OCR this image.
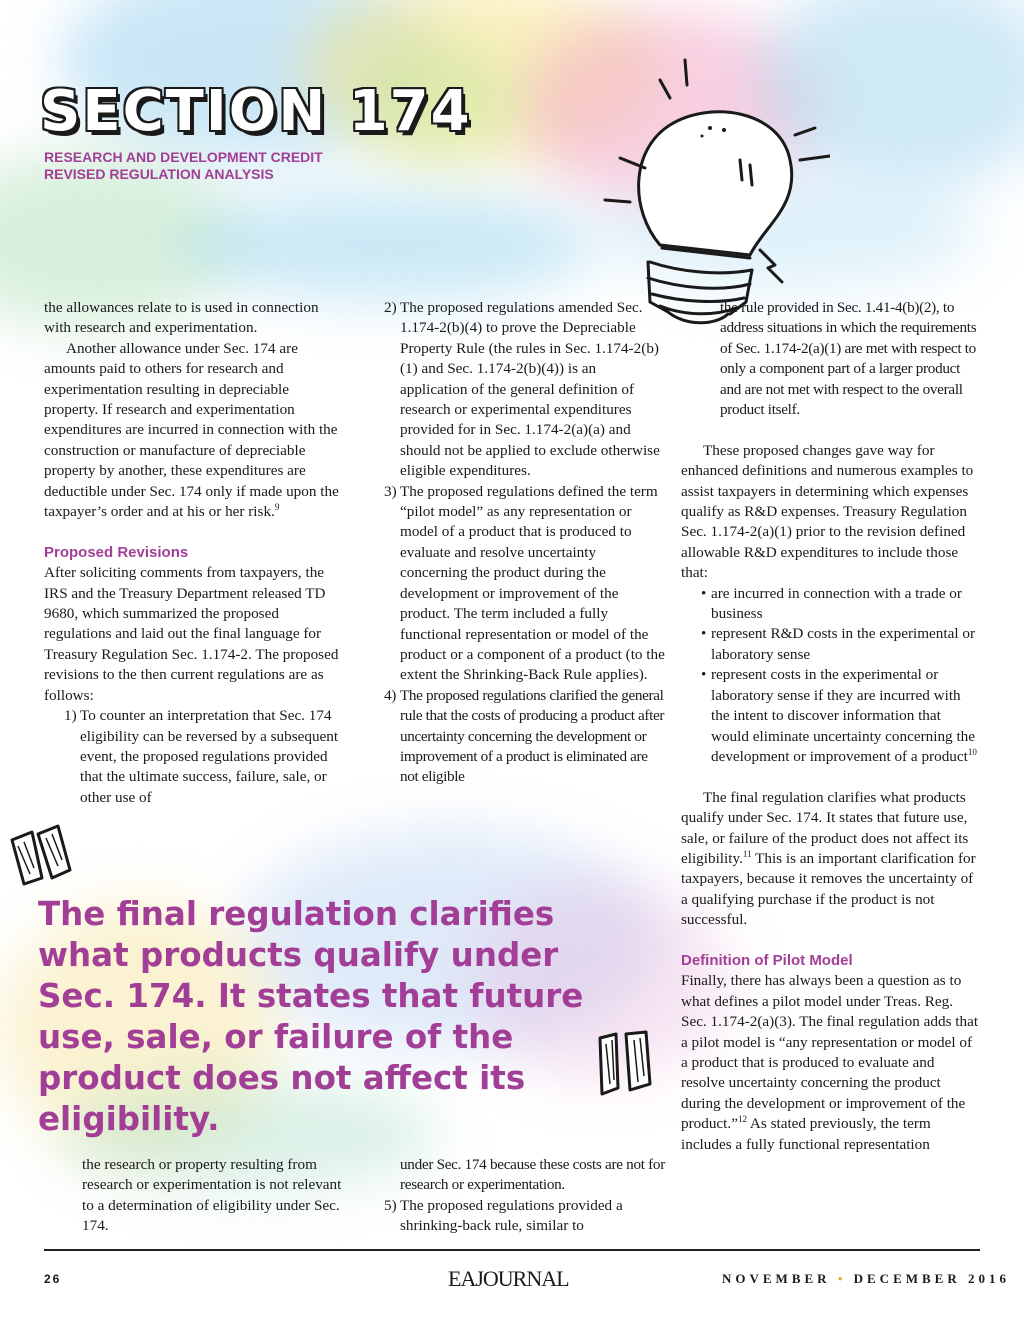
SECTION 174
RESEARCH AND DEVELOPMENT CREDIT
REVISED REGULATION ANALYSIS

the allowances relate to is used in connection with research and experimentation.

Another allowance under Sec. 174 are amounts paid to others for research and experimentation resulting in depreciable property. If research and experimentation expenditures are incurred in connection with the construction or manufacture of depreciable property by another, these expenditures are deductible under Sec. 174 only if made upon the taxpayer’s order and at his or her risk.$^9$

Proposed Revisions

After soliciting comments from taxpayers, the IRS and the Treasury Department released TD 9680, which summarized the proposed regulations and laid out the final language for Treasury Regulation Sec. 1.174-2. The proposed revisions to the then current regulations are as follows:

1) To counter an interpretation that Sec. 174 eligibility can be reversed by a subsequent event, the proposed regulations provided that the ultimate success, failure, sale, or other use of

the research or property resulting from research or experimentation is not relevant to a determination of eligibility under Sec. 174.

2) The proposed regulations amended Sec. 1.174-2(b)(4) to prove the Depreciable Property Rule (the rules in Sec. 1.174-2(b)(1) and Sec. 1.174-2(b)(4)) is an application of the general definition of research or experimental expenditures provided for in Sec. 1.174-2(a)(a) and should not be applied to exclude otherwise eligible expenditures.
3) The proposed regulations defined the term “pilot model” as any representation or model of a product that is produced to evaluate and resolve uncertainty concerning the product during the development or improvement of the product. The term included a fully functional representation or model of the product or a component of a product (to the extent the Shrinking-Back Rule applies).
4) The proposed regulations clarified the general rule that the costs of producing a product after uncertainty concerning the development or improvement of a product is eliminated are not eligible

under Sec. 174 because these costs are not for research or experimentation.

5) The proposed regulations provided a shrinking-back rule, similar to

the rule provided in Sec. 1.41-4(b)(2), to address situations in which the requirements of Sec. 1.174-2(a)(1) are met with respect to only a component part of a larger product and are not met with respect to the overall product itself.

These proposed changes gave way for enhanced definitions and numerous examples to assist taxpayers in determining which expenses qualify as R&D expenses. Treasury Regulation Sec. 1.174-2(a)(1) prior to the revision defined allowable R&D expenditures to include those that:

• are incurred in connection with a trade or business
• represent R&D costs in the experimental or laboratory sense
• represent costs in the experimental or laboratory sense if they are incurred with the intent to discover information that would eliminate uncertainty concerning the development or improvement of a product$^{10}$

The final regulation clarifies what products qualify under Sec. 174. It states that future use, sale, or failure of the product does not affect its eligibility.$^{11}$ This is an important clarification for taxpayers, because it removes the uncertainty of a qualifying purchase if the product is not successful.

Definition of Pilot Model

Finally, there has always been a question as to what defines a pilot model under Treas. Reg. Sec. 1.174-2(a)(3). The final regulation adds that a pilot model is “any representation or model of a product that is produced to evaluate and resolve uncertainty concerning the product during the development or improvement of the product.”$^{12}$ As stated previously, the term includes a fully functional representation

The final regulation clarifies what products qualify under Sec. 174. It states that future use, sale, or failure of the product does not affect its eligibility.

26	EAJOURNAL	NOVEMBER • DECEMBER 2016
